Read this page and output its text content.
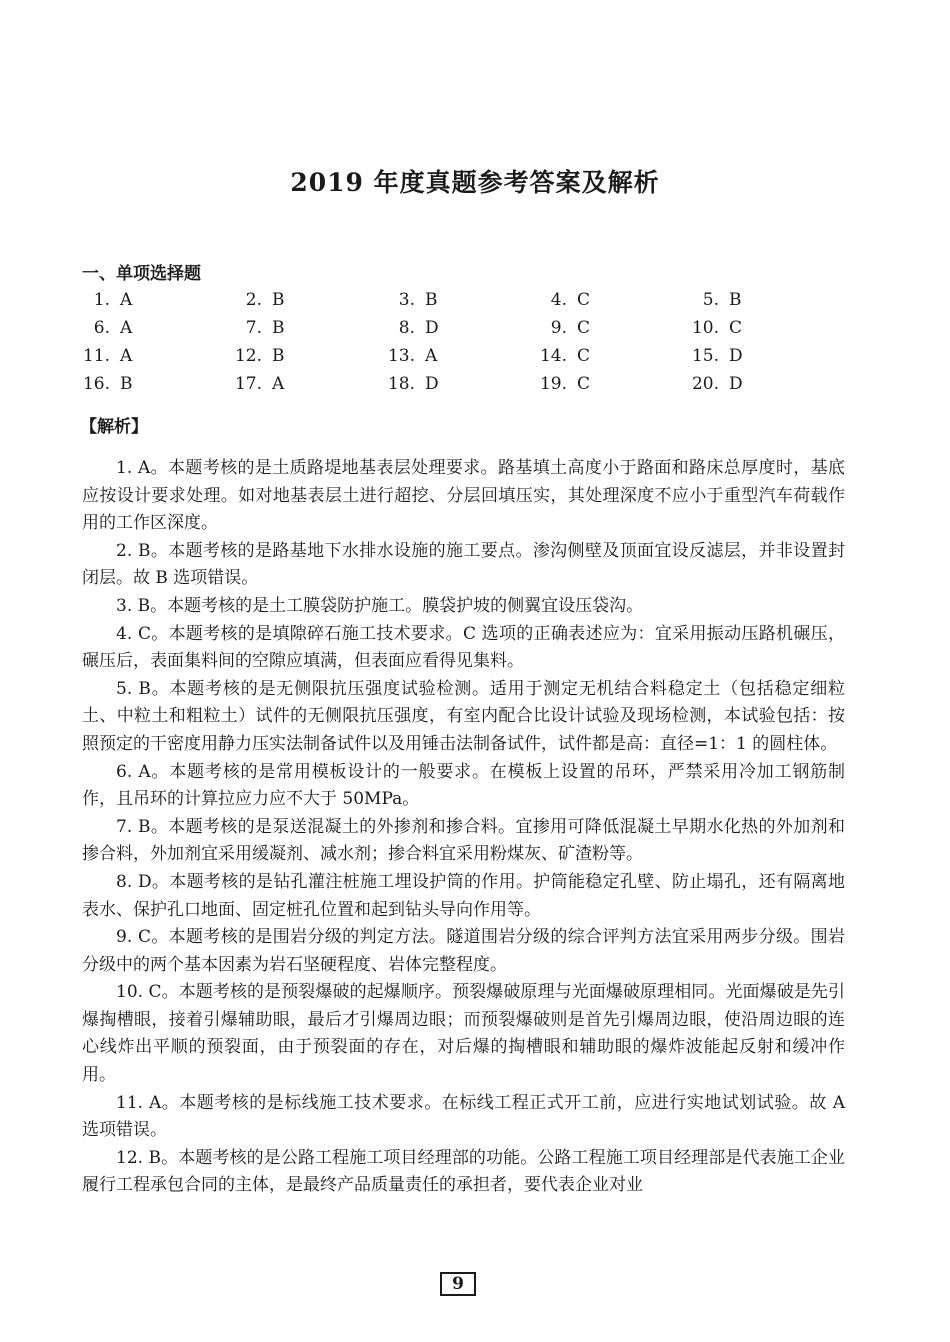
2019 年度真题参考答案及解析
一、单项选择题
1. A	2. B	3. B	4. C	5. B
6. A	7. B	8. D	9. C	10. C
11. A	12. B	13. A	14. C	15. D
16. B	17. A	18. D	19. C	20. D
【解析】

1. A。本题考核的是土质路堤地基表层处理要求。路基填土高度小于路面和路床总厚度时，基底应按设计要求处理。如对地基表层土进行超挖、分层回填压实，其处理深度不应小于重型汽车荷载作用的工作区深度。

2. B。本题考核的是路基地下水排水设施的施工要点。渗沟侧壁及顶面宜设反滤层，并非设置封闭层。故 B 选项错误。

3. B。本题考核的是土工膜袋防护施工。膜袋护坡的侧翼宜设压袋沟。

4. C。本题考核的是填隙碎石施工技术要求。C 选项的正确表述应为：宜采用振动压路机碾压，碾压后，表面集料间的空隙应填满，但表面应看得见集料。

5. B。本题考核的是无侧限抗压强度试验检测。适用于测定无机结合料稳定土（包括稳定细粒土、中粒土和粗粒土）试件的无侧限抗压强度，有室内配合比设计试验及现场检测，本试验包括：按照预定的干密度用静力压实法制备试件以及用锤击法制备试件，试件都是高：直径=1：1 的圆柱体。

6. A。本题考核的是常用模板设计的一般要求。在模板上设置的吊环，严禁采用冷加工钢筋制作，且吊环的计算拉应力应不大于 50MPa。

7. B。本题考核的是泵送混凝土的外掺剂和掺合料。宜掺用可降低混凝土早期水化热的外加剂和掺合料，外加剂宜采用缓凝剂、减水剂；掺合料宜采用粉煤灰、矿渣粉等。

8. D。本题考核的是钻孔灌注桩施工埋设护筒的作用。护筒能稳定孔壁、防止塌孔，还有隔离地表水、保护孔口地面、固定桩孔位置和起到钻头导向作用等。

9. C。本题考核的是围岩分级的判定方法。隧道围岩分级的综合评判方法宜采用两步分级。围岩分级中的两个基本因素为岩石坚硬程度、岩体完整程度。

10. C。本题考核的是预裂爆破的起爆顺序。预裂爆破原理与光面爆破原理相同。光面爆破是先引爆掏槽眼，接着引爆辅助眼，最后才引爆周边眼；而预裂爆破则是首先引爆周边眼，使沿周边眼的连心线炸出平顺的预裂面，由于预裂面的存在，对后爆的掏槽眼和辅助眼的爆炸波能起反射和缓冲作用。

11. A。本题考核的是标线施工技术要求。在标线工程正式开工前，应进行实地试划试验。故 A 选项错误。

12. B。本题考核的是公路工程施工项目经理部的功能。公路工程施工项目经理部是代表施工企业履行工程承包合同的主体，是最终产品质量责任的承担者，要代表企业对业

9
